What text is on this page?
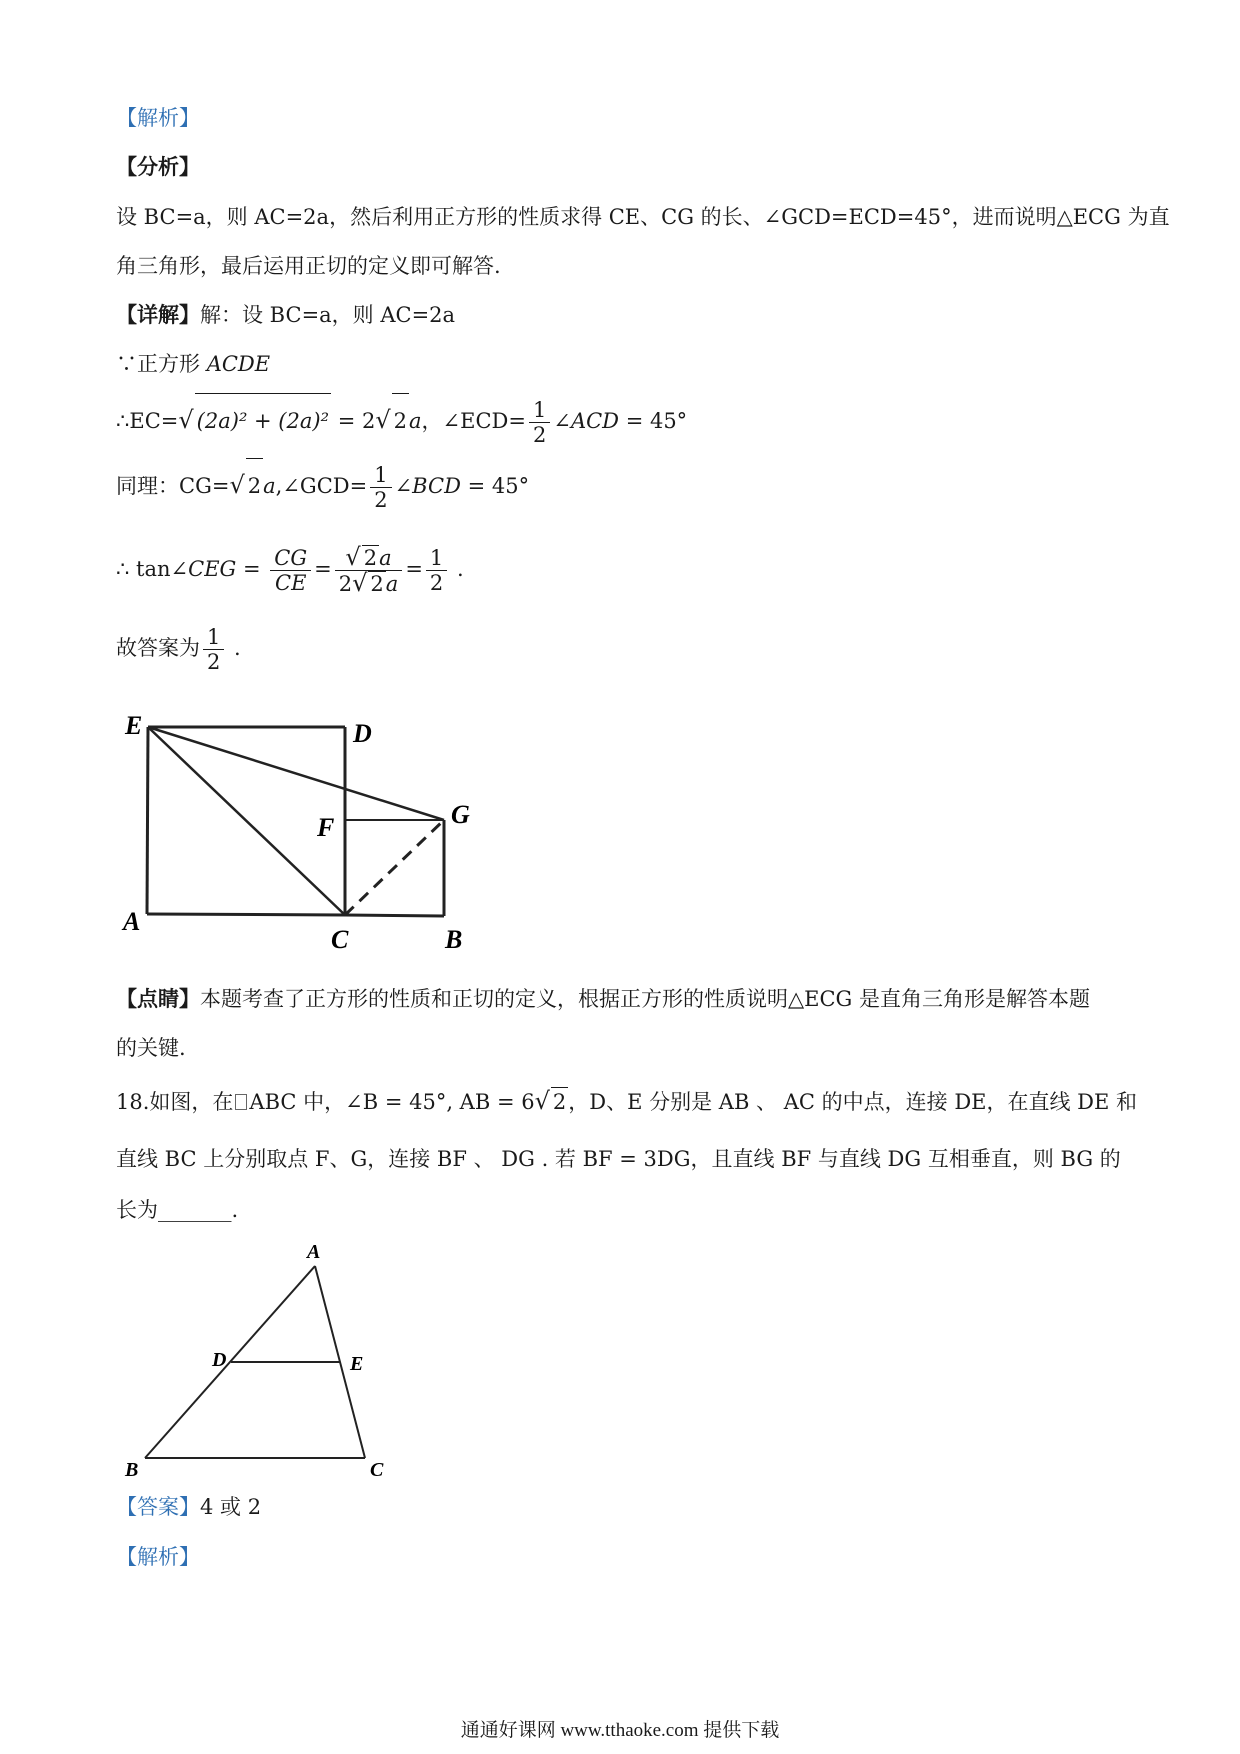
【解析】
【分析】
设 BC=a，则 AC=2a，然后利用正方形的性质求得 CE、CG 的长、∠GCD=ECD=45°，进而说明△ECG 为直
角三角形，最后运用正切的定义即可解答.
【详解】解：设 BC=a，则 AC=2a
∵正方形 ACDE
∴EC=√ (2a)² + (2a)² = 2√ 2a，∠ECD= $\frac{1}{2}$ ∠ACD = 45°
同理：CG=√ 2a,∠GCD= $\frac{1}{2}$ ∠BCD = 45°
∴ tan∠CEG = $\frac{CG}{CE} = \frac{√ 2a}{2√ 2a} = \frac{1}{2}$ .
故答案为 $\frac{1}{2}$ .
E	D
F	G
A
C	B
【点睛】本题考查了正方形的性质和正切的定义，根据正方形的性质说明△ECG 是直角三角形是解答本题
的关键.
18.如图，在 ABC 中，∠B = 45°, AB = 6√ 2，D、E 分别是 AB 、 AC 的中点，连接 DE，在直线 DE 和
直线 BC 上分别取点 F、G，连接 BF 、 DG . 若 BF = 3DG，且直线 BF 与直线 DG 互相垂直，则 BG 的
长为_______.
A
D	E
B	C
【答案】4 或 2
【解析】
通通好课网 www.tthaoke.com 提供下载
